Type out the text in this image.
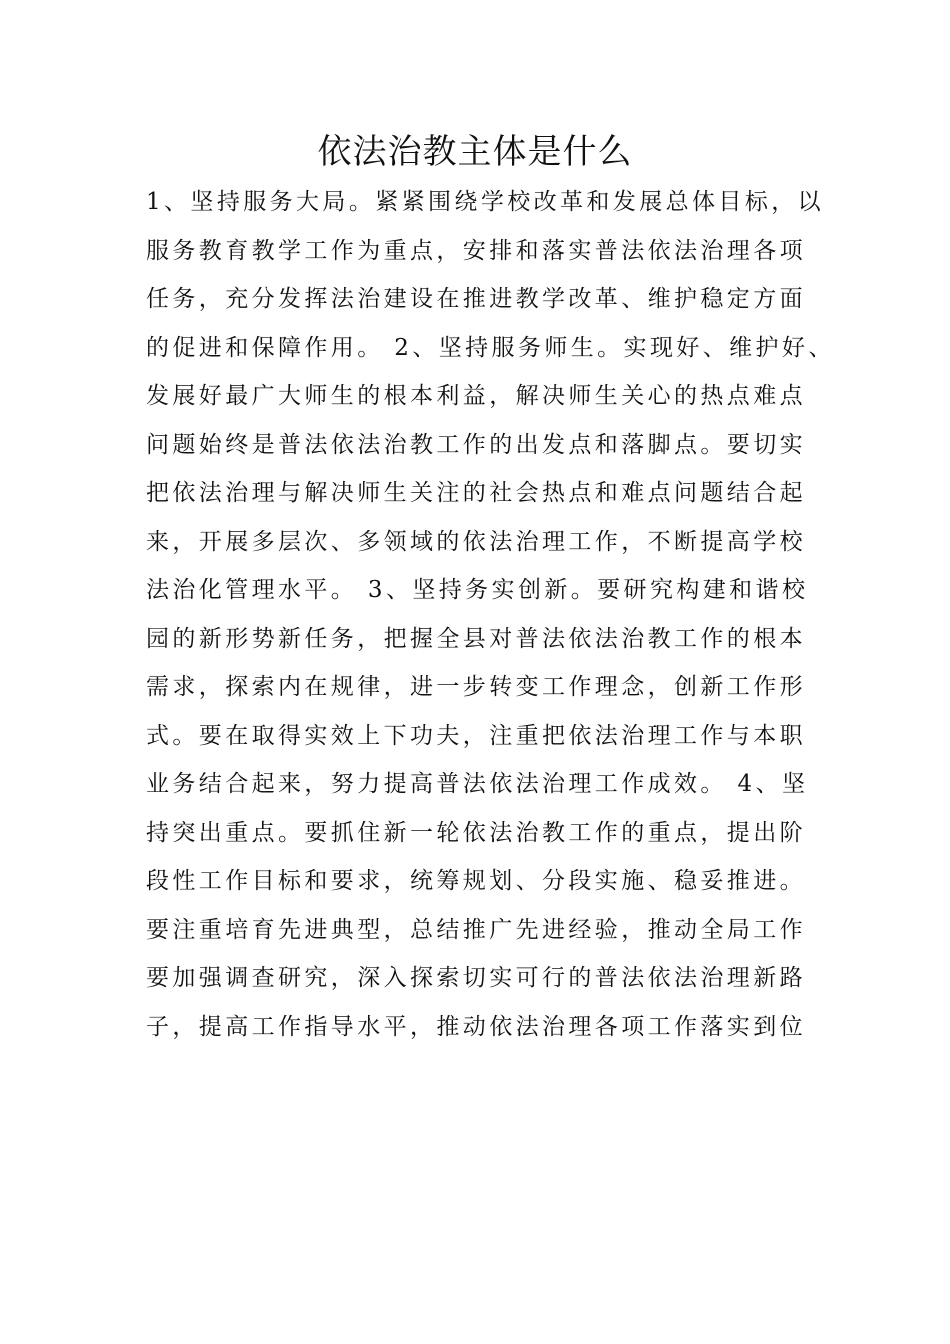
依法治教主体是什么
1、坚持服务大局。紧紧围绕学校改革和发展总体目标，以
服务教育教学工作为重点，安排和落实普法依法治理各项
任务，充分发挥法治建设在推进教学改革、维护稳定方面
的促进和保障作用。 2、坚持服务师生。实现好、维护好、
发展好最广大师生的根本利益，解决师生关心的热点难点
问题始终是普法依法治教工作的出发点和落脚点。要切实
把依法治理与解决师生关注的社会热点和难点问题结合起
来，开展多层次、多领域的依法治理工作，不断提高学校
法治化管理水平。 3、坚持务实创新。要研究构建和谐校
园的新形势新任务，把握全县对普法依法治教工作的根本
需求，探索内在规律，进一步转变工作理念，创新工作形
式。要在取得实效上下功夫，注重把依法治理工作与本职
业务结合起来，努力提高普法依法治理工作成效。 4、坚
持突出重点。要抓住新一轮依法治教工作的重点，提出阶
段性工作目标和要求，统筹规划、分段实施、稳妥推进。
要注重培育先进典型，总结推广先进经验，推动全局工作
要加强调查研究，深入探索切实可行的普法依法治理新路
子，提高工作指导水平，推动依法治理各项工作落实到位
